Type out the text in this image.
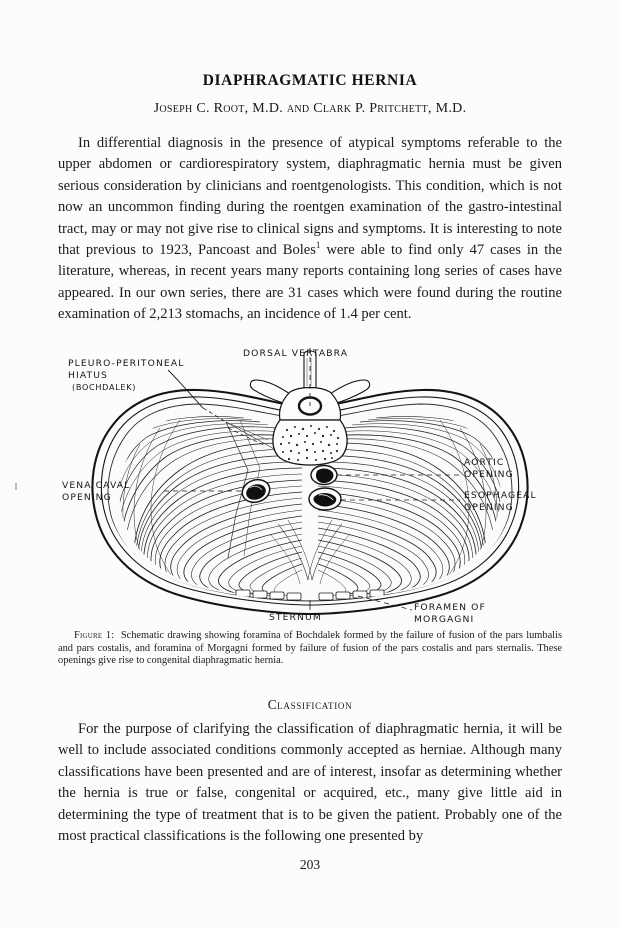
DIAPHRAGMATIC HERNIA
Joseph C. Root, M.D. and Clark P. Pritchett, M.D.
In differential diagnosis in the presence of atypical symptoms referable to the upper abdomen or cardiorespiratory system, diaphragmatic hernia must be given serious consideration by clinicians and roentgenologists. This condition, which is not now an uncommon finding during the roentgen examination of the gastro-intestinal tract, may or may not give rise to clinical signs and symptoms. It is interesting to note that previous to 1923, Pancoast and Boles$^1$ were able to find only 47 cases in the literature, whereas, in recent years many reports containing long series of cases have appeared. In our own series, there are 31 cases which were found during the routine examination of 2,213 stomachs, an incidence of 1.4 per cent.
PLEURO-PERITONEAL
HIATUS
(BOCHDALEK)
DORSAL VERTABRA
AORTIC
OPENING
ESOPHAGEAL
OPENING
VENA CAVAL
OPENING
STERNUM
FORAMEN OF
MORGAGNI
Figure 1: Schematic drawing showing foramina of Bochdalek formed by the failure of fusion of the pars lumbalis and pars costalis, and foramina of Morgagni formed by failure of fusion of the pars costalis and pars sternalis. These openings give rise to congenital diaphragmatic hernia.
Classification
For the purpose of clarifying the classification of diaphragmatic hernia, it will be well to include associated conditions commonly accepted as herniae. Although many classifications have been presented and are of interest, insofar as determining whether the hernia is true or false, congenital or acquired, etc., many give little aid in determining the type of treatment that is to be given the patient. Probably one of the most practical classifications is the following one presented by
203
